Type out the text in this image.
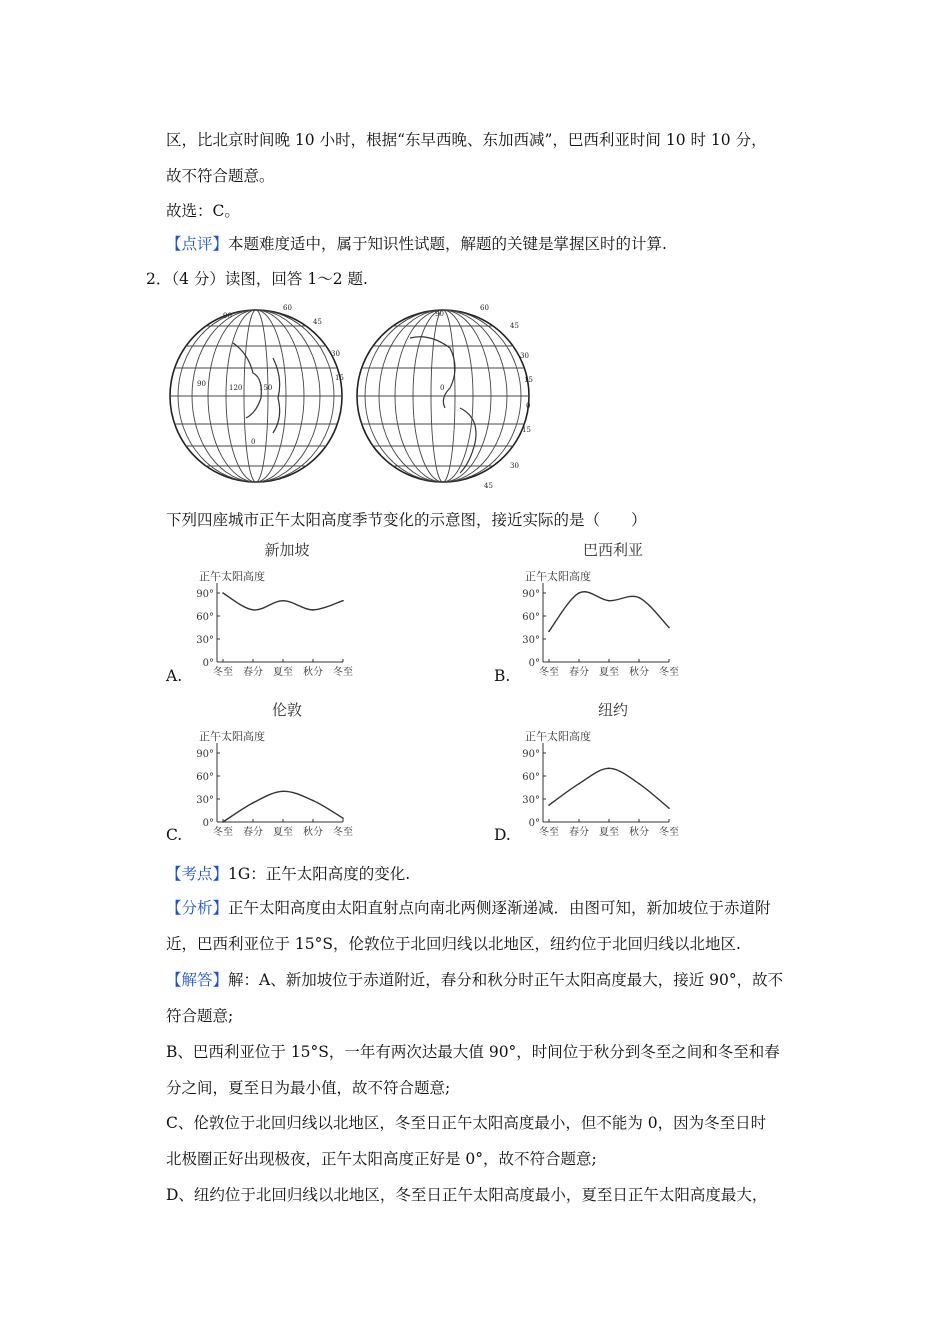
区，比北京时间晚 10 小时，根据“东早西晚、东加西减”，巴西利亚时间 10 时 10 分，
故不符合题意。
故选：C。
【点评】本题难度适中，属于知识性试题，解题的关键是掌握区时的计算.
2．（4 分）读图，回答 1～2 题.
60
90
45
30
15
120 150
90
0
60
90
45
30
15
0
0
15
30
45
下列四座城市正午太阳高度季节变化的示意图，接近实际的是（　　）
A.
新加坡
正午太阳高度
90°
60°
30°
0°
冬至 春分 夏至 秋分 冬至	B.
巴西利亚
正午太阳高度
90°
60°
30°
0°
冬至 春分 夏至 秋分 冬至
C.
伦敦
正午太阳高度
90°
60°
30°
0°
冬至 春分 夏至 秋分 冬至	D.
纽约
正午太阳高度
90°
60°
30°
0°
冬至 春分 夏至 秋分 冬至
【考点】1G：正午太阳高度的变化.
【分析】正午太阳高度由太阳直射点向南北两侧逐渐递减．由图可知，新加坡位于赤道附
近，巴西利亚位于 15°S，伦敦位于北回归线以北地区，纽约位于北回归线以北地区.
【解答】解：A、新加坡位于赤道附近，春分和秋分时正午太阳高度最大，接近 90°，故不
符合题意;
B、巴西利亚位于 15°S，一年有两次达最大值 90°，时间位于秋分到冬至之间和冬至和春
分之间，夏至日为最小值，故不符合题意;
C、伦敦位于北回归线以北地区，冬至日正午太阳高度最小，但不能为 0，因为冬至日时
北极圈正好出现极夜，正午太阳高度正好是 0°，故不符合题意;
D、纽约位于北回归线以北地区，冬至日正午太阳高度最小，夏至日正午太阳高度最大，
